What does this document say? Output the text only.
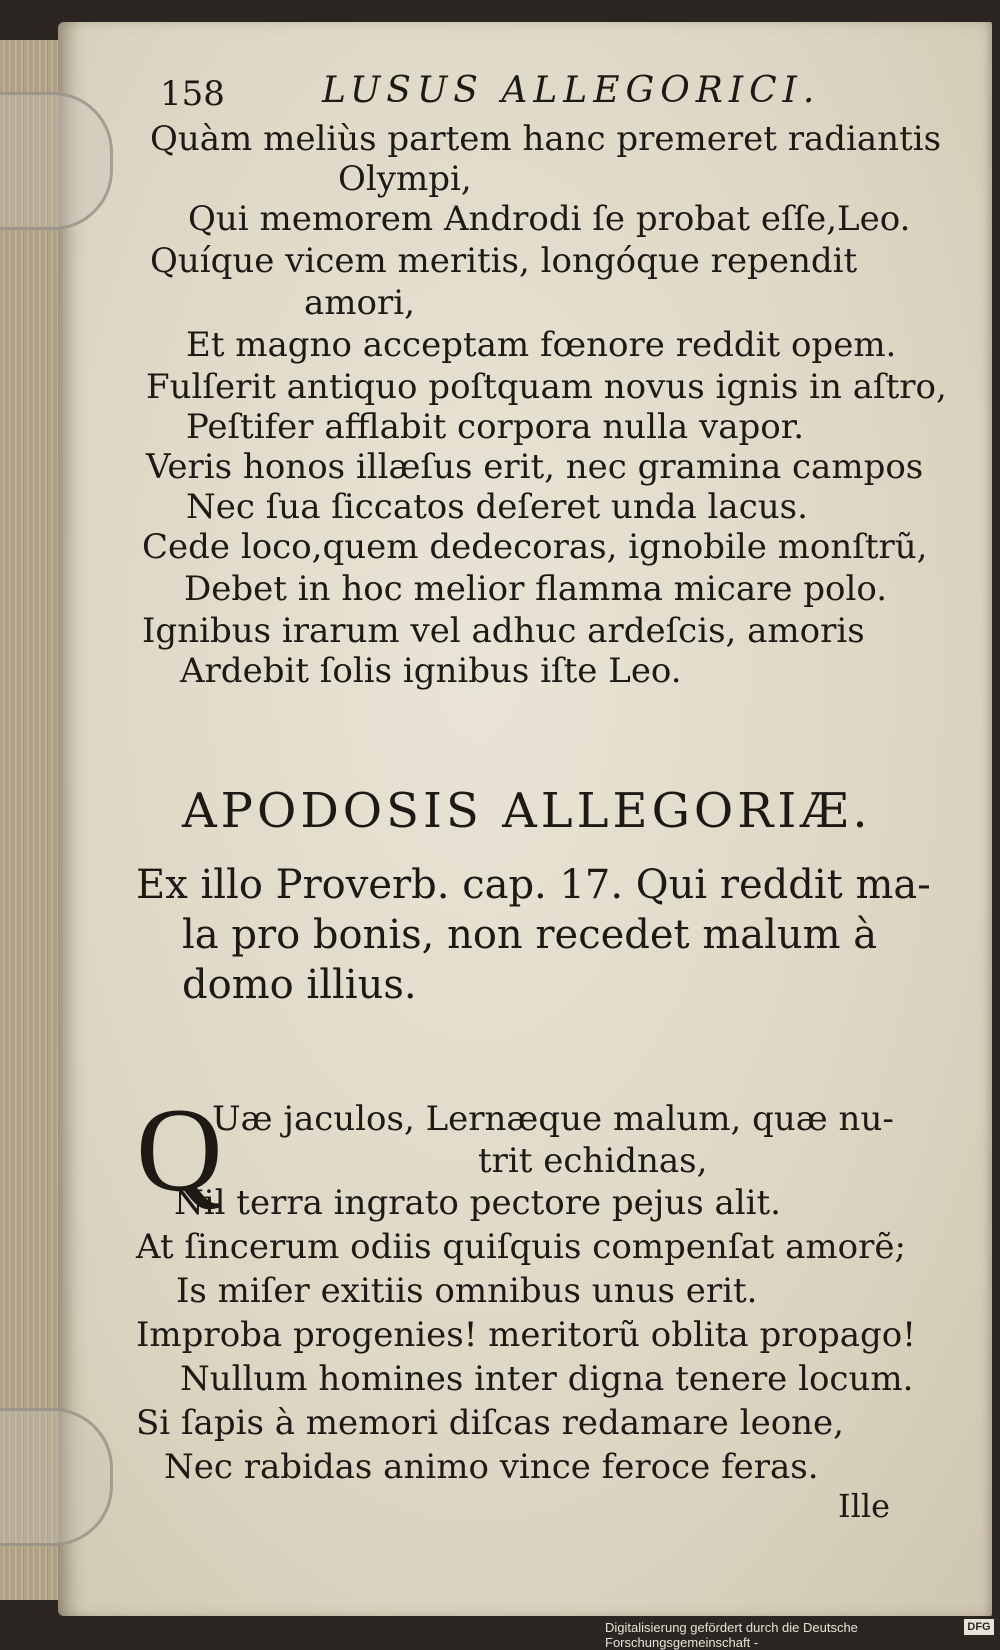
158	LUSUS ALLEGORICI.
Quàm meliùs partem hanc premeret radiantis
Olympi,
Qui memorem Androdi ſe probat eſſe,Leo.
Quíque vicem meritis, longóque rependit
amori,
Et magno acceptam fœnore reddit opem.
Fulſerit antiquo poſtquam novus ignis in aſtro,
Peſtifer afflabit corpora nulla vapor.
Veris honos illæſus erit, nec gramina campos
Nec ſua ſiccatos deſeret unda lacus.
Cede loco,quem dedecoras, ignobile monſtrũ,
Debet in hoc melior flamma micare polo.
Ignibus irarum vel adhuc ardeſcis, amoris
Ardebit ſolis ignibus iſte Leo.
APODOSIS ALLEGORIÆ.
Ex illo Proverb. cap. 17. Qui reddit ma-
la pro bonis, non recedet malum à
domo illius.
Q
Uæ jaculos, Lernæque malum, quæ nu-
trit echidnas,
Nil terra ingrato pectore pejus alit.
At ſincerum odiis quiſquis compenſat amorẽ;
Is miſer exitiis omnibus unus erit.
Improba progenies! meritorũ oblita propago!
Nullum homines inter digna tenere locum.
Si ſapis à memori diſcas redamare leone,
Nec rabidas animo vince feroce feras.
Ille
Digitalisierung gefördert durch die Deutsche Forschungsgemeinschaft -
DFG
